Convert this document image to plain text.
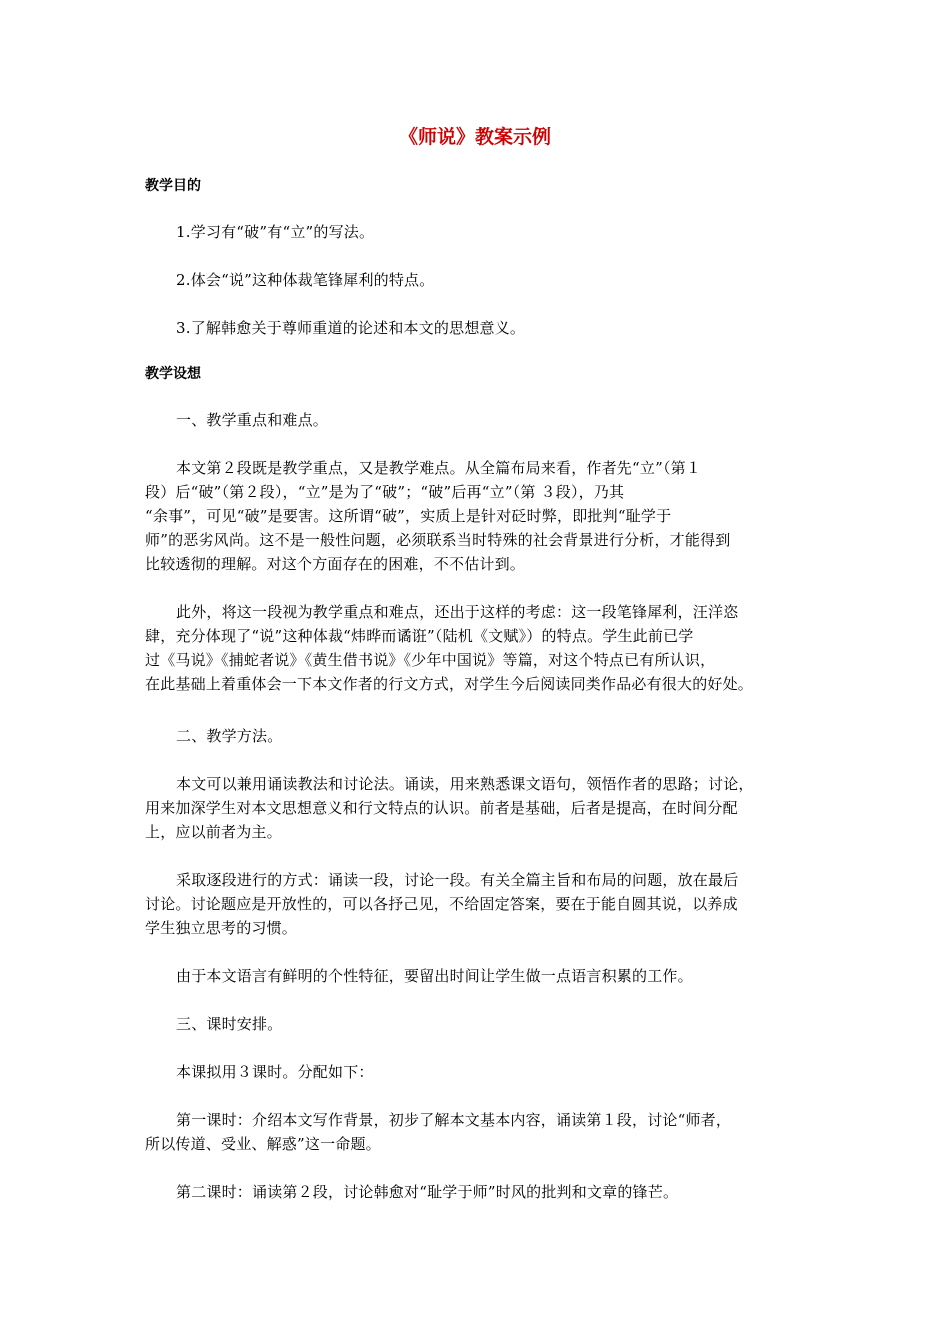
《师说》教案示例
教学目的

1.学习有“破”有“立”的写法。

2.体会“说”这种体裁笔锋犀利的特点。

3.了解韩愈关于尊师重道的论述和本文的思想意义。

教学设想

一、教学重点和难点。

本文第２段既是教学重点，又是教学难点。从全篇布局来看，作者先“立”（第１
段）后“破”（第２段），“立”是为了“破”；“破”后再“立”（第 ３段），乃其
“余事”，可见“破”是要害。这所谓“破”，实质上是针对砭时弊，即批判“耻学于
师”的恶劣风尚。这不是一般性问题，必须联系当时特殊的社会背景进行分析，才能得到
比较透彻的理解。对这个方面存在的困难，不不估计到。
此外，将这一段视为教学重点和难点，还出于这样的考虑：这一段笔锋犀利，汪洋恣
肆，充分体现了“说”这种体裁“炜晔而谲诳”（陆机《文赋》）的特点。学生此前已学
过《马说》《捕蛇者说》《黄生借书说》《少年中国说》等篇，对这个特点已有所认识，
在此基础上着重体会一下本文作者的行文方式，对学生今后阅读同类作品必有很大的好处。

二、教学方法。

本文可以兼用诵读教法和讨论法。诵读，用来熟悉课文语句，领悟作者的思路；讨论，
用来加深学生对本文思想意义和行文特点的认识。前者是基础，后者是提高，在时间分配
上，应以前者为主。
采取逐段进行的方式：诵读一段，讨论一段。有关全篇主旨和布局的问题，放在最后
讨论。讨论题应是开放性的，可以各抒己见，不给固定答案，要在于能自圆其说，以养成
学生独立思考的习惯。

由于本文语言有鲜明的个性特征，要留出时间让学生做一点语言积累的工作。

三、课时安排。

本课拟用３课时。分配如下：

第一课时：介绍本文写作背景，初步了解本文基本内容，诵读第１段，讨论“师者，
所以传道、受业、解惑”这一命题。

第二课时：诵读第２段，讨论韩愈对“耻学于师”时风的批判和文章的锋芒。
